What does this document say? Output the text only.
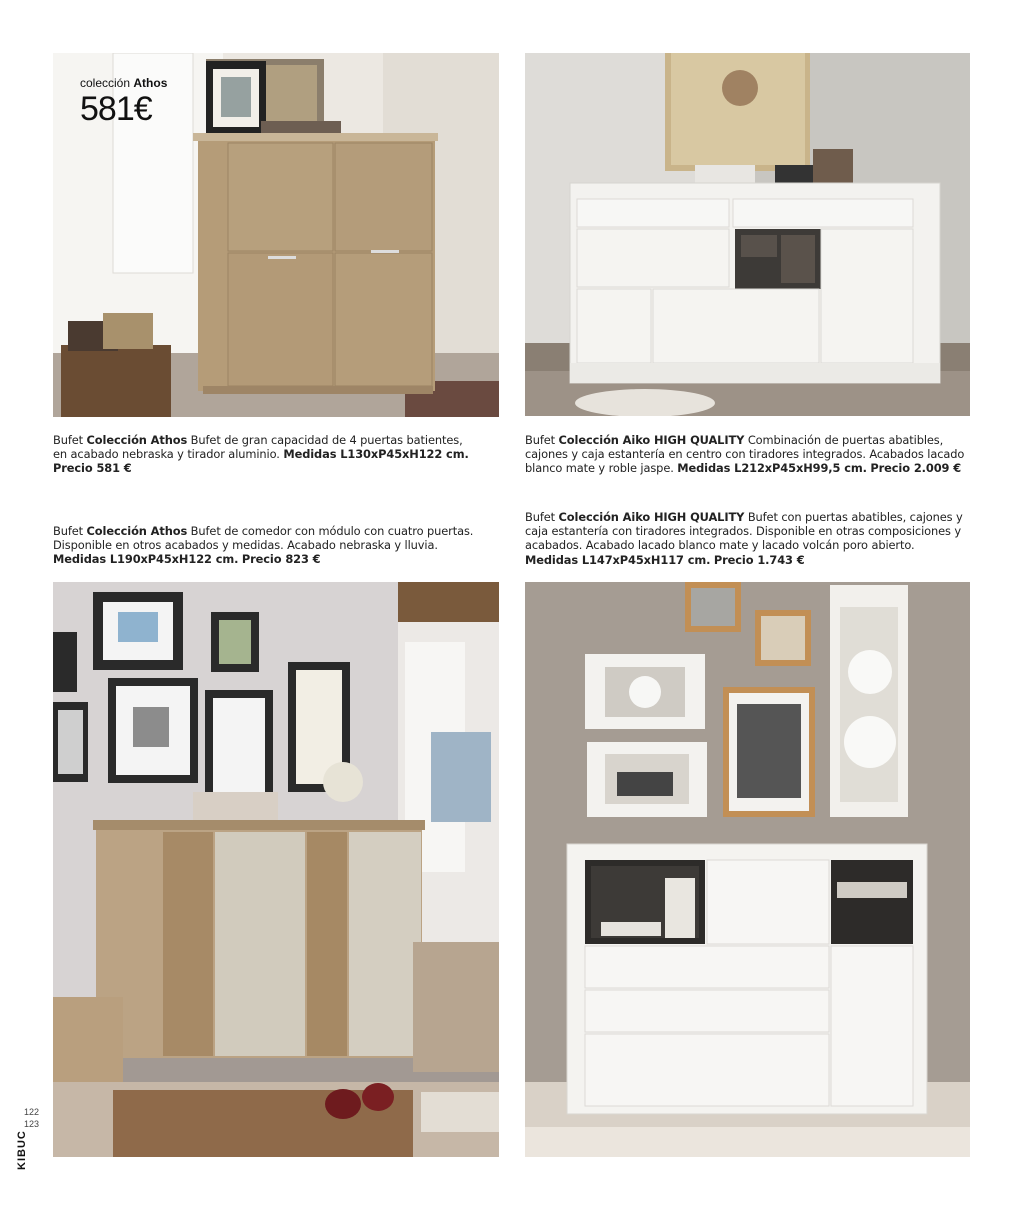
colección Athos
581€
Bufet Colección Athos Bufet de gran capacidad de 4 puertas batientes, en acabado nebraska y tirador aluminio. Medidas L130xP45xH122 cm. Precio 581 €
Bufet Colección Aiko HIGH QUALITY Combinación de puertas abatibles, cajones y caja estantería en centro con tiradores integrados. Acabados lacado blanco mate y roble jaspe. Medidas L212xP45xH99,5 cm. Precio 2.009 €
Bufet Colección Athos Bufet de comedor con módulo con cuatro puertas. Disponible en otros acabados y medidas. Acabado nebraska y lluvia. Medidas L190xP45xH122 cm. Precio 823 €
Bufet Colección Aiko HIGH QUALITY Bufet con puertas abatibles, cajones y caja estantería con tiradores integrados. Disponible en otras composiciones y acabados. Acabado lacado blanco mate y lacado volcán poro abierto. Medidas L147xP45xH117 cm. Precio 1.743 €
122
123
KIBUC
